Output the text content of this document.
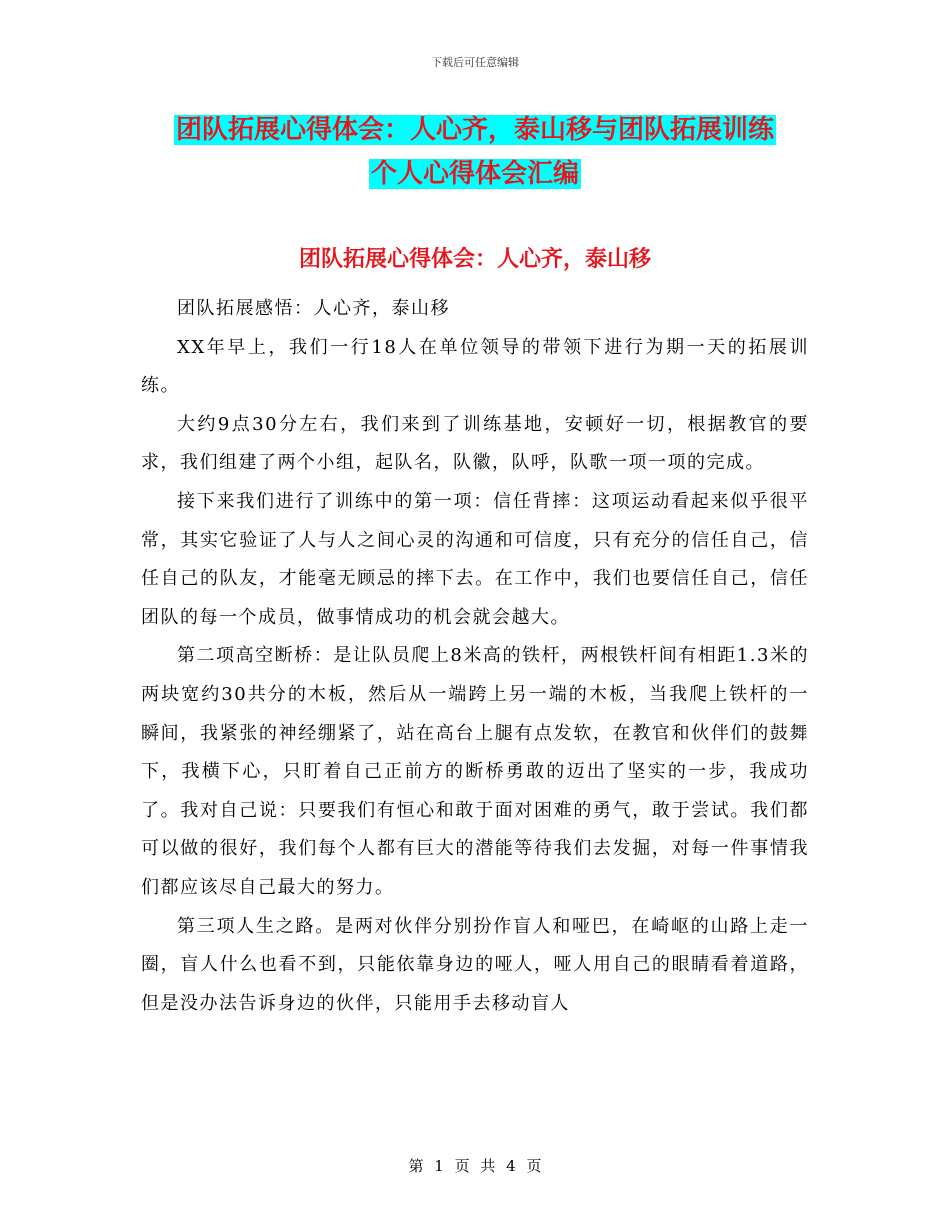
下载后可任意编辑
团队拓展心得体会：人心齐，泰山移与团队拓展训练
个人心得体会汇编
团队拓展心得体会：人心齐，泰山移

团队拓展感悟：人心齐，泰山移

XX年早上，我们一行18人在单位领导的带领下进行为期一天的拓展训练。

大约9点30分左右，我们来到了训练基地，安顿好一切，根据教官的要求，我们组建了两个小组，起队名，队徽，队呼，队歌一项一项的完成。

接下来我们进行了训练中的第一项：信任背摔：这项运动看起来似乎很平常，其实它验证了人与人之间心灵的沟通和可信度，只有充分的信任自己，信任自己的队友，才能毫无顾忌的摔下去。在工作中，我们也要信任自己，信任团队的每一个成员，做事情成功的机会就会越大。

第二项高空断桥：是让队员爬上8米高的铁杆，两根铁杆间有相距1.3米的两块宽约30共分的木板，然后从一端跨上另一端的木板，当我爬上铁杆的一瞬间，我紧张的神经绷紧了，站在高台上腿有点发软，在教官和伙伴们的鼓舞下，我横下心，只盯着自己正前方的断桥勇敢的迈出了坚实的一步，我成功了。我对自己说：只要我们有恒心和敢于面对困难的勇气，敢于尝试。我们都可以做的很好，我们每个人都有巨大的潜能等待我们去发掘，对每一件事情我们都应该尽自己最大的努力。

第三项人生之路。是两对伙伴分别扮作盲人和哑巴，在崎岖的山路上走一圈，盲人什么也看不到，只能依靠身边的哑人，哑人用自己的眼睛看着道路，但是没办法告诉身边的伙伴，只能用手去移动盲人

第 1 页 共 4 页
